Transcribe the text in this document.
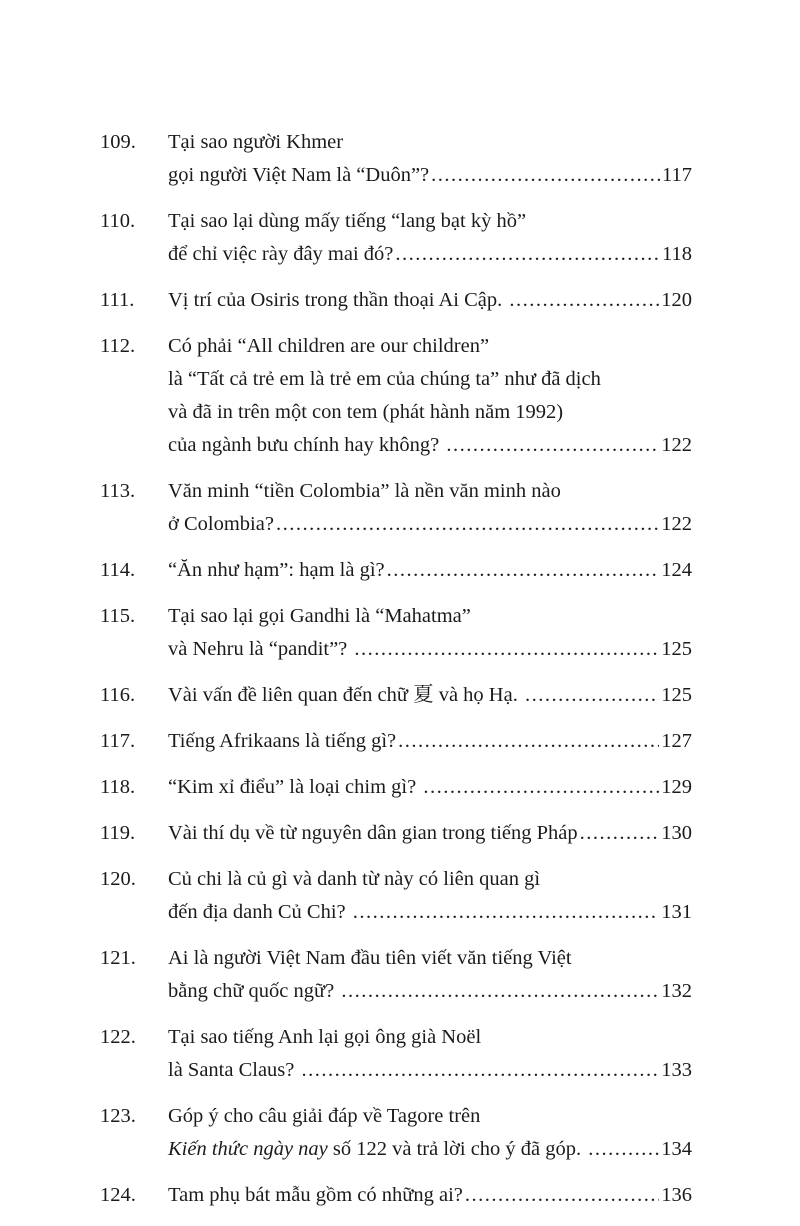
109.	Tại sao người Khmer
gọi người Việt Nam là “Duôn”? .....	117
110.	Tại sao lại dùng mấy tiếng “lang bạt kỳ hồ”
để chỉ việc rày đây mai đó? .....	118
111.	Vị trí của Osiris trong thần thoại Ai Cập. .....	120
112.	Có phải “All children are our children”
là “Tất cả trẻ em là trẻ em của chúng ta” như đã dịch
và đã in trên một con tem (phát hành năm 1992)
của ngành bưu chính hay không? .....	122
113.	Văn minh “tiền Colombia” là nền văn minh nào
ở Colombia? .....	122
114.	“Ăn như hạm”: hạm là gì? .....	124
115.	Tại sao lại gọi Gandhi là “Mahatma”
và Nehru là “pandit”? .....	125
116.	Vài vấn đề liên quan đến chữ 夏 và họ Hạ. .....	125
117.	Tiếng Afrikaans là tiếng gì? .....	127
118.	“Kim xỉ điểu” là loại chim gì? .....	129
119.	Vài thí dụ về từ nguyên dân gian trong tiếng Pháp .....	130
120.	Củ chi là củ gì và danh từ này có liên quan gì
đến địa danh Củ Chi? .....	131
121.	Ai là người Việt Nam đầu tiên viết văn tiếng Việt
bằng chữ quốc ngữ? .....	132
122.	Tại sao tiếng Anh lại gọi ông già Noël
là Santa Claus? .....	133
123.	Góp ý cho câu giải đáp về Tagore trên
Kiến thức ngày nay số 122 và trả lời cho ý đã góp. .....	134
124.	Tam phụ bát mẫu gồm có những ai? .....	136
